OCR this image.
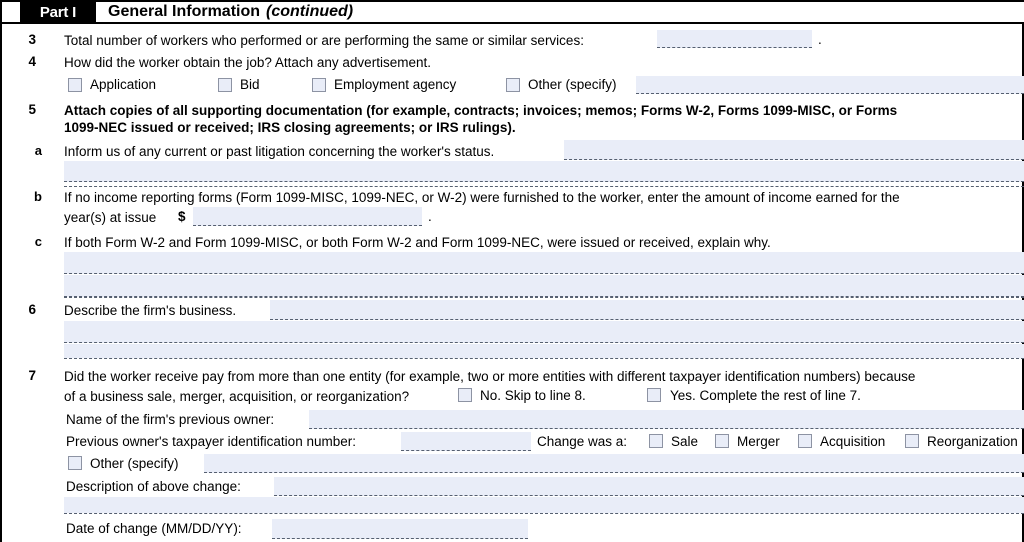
Part I	General Information (continued)
3 Total number of workers who performed or are performing the same or similar services:	.
4 How did the worker obtain the job? Attach any advertisement.
Application	Bid	Employment agency	Other (specify)
5 Attach copies of all supporting documentation (for example, contracts; invoices; memos; Forms W-2, Forms 1099-MISC, or Forms
1099-NEC issued or received; IRS closing agreements; or IRS rulings).
a Inform us of any current or past litigation concerning the worker's status.
b If no income reporting forms (Form 1099-MISC, 1099-NEC, or W-2) were furnished to the worker, enter the amount of income earned for the
year(s) at issue $	.
c If both Form W-2 and Form 1099-MISC, or both Form W-2 and Form 1099-NEC, were issued or received, explain why.
6 Describe the firm's business.
7 Did the worker receive pay from more than one entity (for example, two or more entities with different taxpayer identification numbers) because
of a business sale, merger, acquisition, or reorganization?	No. Skip to line 8.	Yes. Complete the rest of line 7.
Name of the firm's previous owner:
Previous owner's taxpayer identification number:	Change was a:	Sale	Merger	Acquisition	Reorganization
Other (specify)
Description of above change:
Date of change (MM/DD/YY):
